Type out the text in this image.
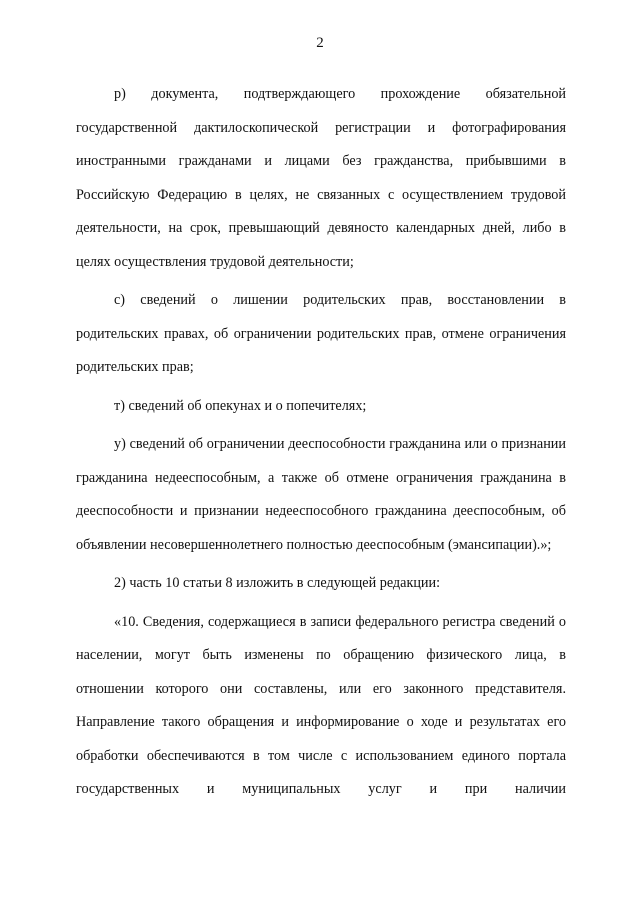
2

р) документа, подтверждающего прохождение обязательной государственной дактилоскопической регистрации и фотографирования иностранными гражданами и лицами без гражданства, прибывшими в Российскую Федерацию в целях, не связанных с осуществлением трудовой деятельности, на срок, превышающий девяносто календарных дней, либо в целях осуществления трудовой деятельности;

с) сведений о лишении родительских прав, восстановлении в родительских правах, об ограничении родительских прав, отмене ограничения родительских прав;

т) сведений об опекунах и о попечителях;

у) сведений об ограничении дееспособности гражданина или о признании гражданина недееспособным, а также об отмене ограничения гражданина в дееспособности и признании недееспособного гражданина дееспособным, об объявлении несовершеннолетнего полностью дееспособным (эмансипации).»;

2) часть 10 статьи 8 изложить в следующей редакции:

«10. Сведения, содержащиеся в записи федерального регистра сведений о населении, могут быть изменены по обращению физического лица, в отношении которого они составлены, или его законного представителя. Направление такого обращения и информирование о ходе и результатах его обработки обеспечиваются в том числе с использованием единого портала государственных и муниципальных услуг и при наличии
